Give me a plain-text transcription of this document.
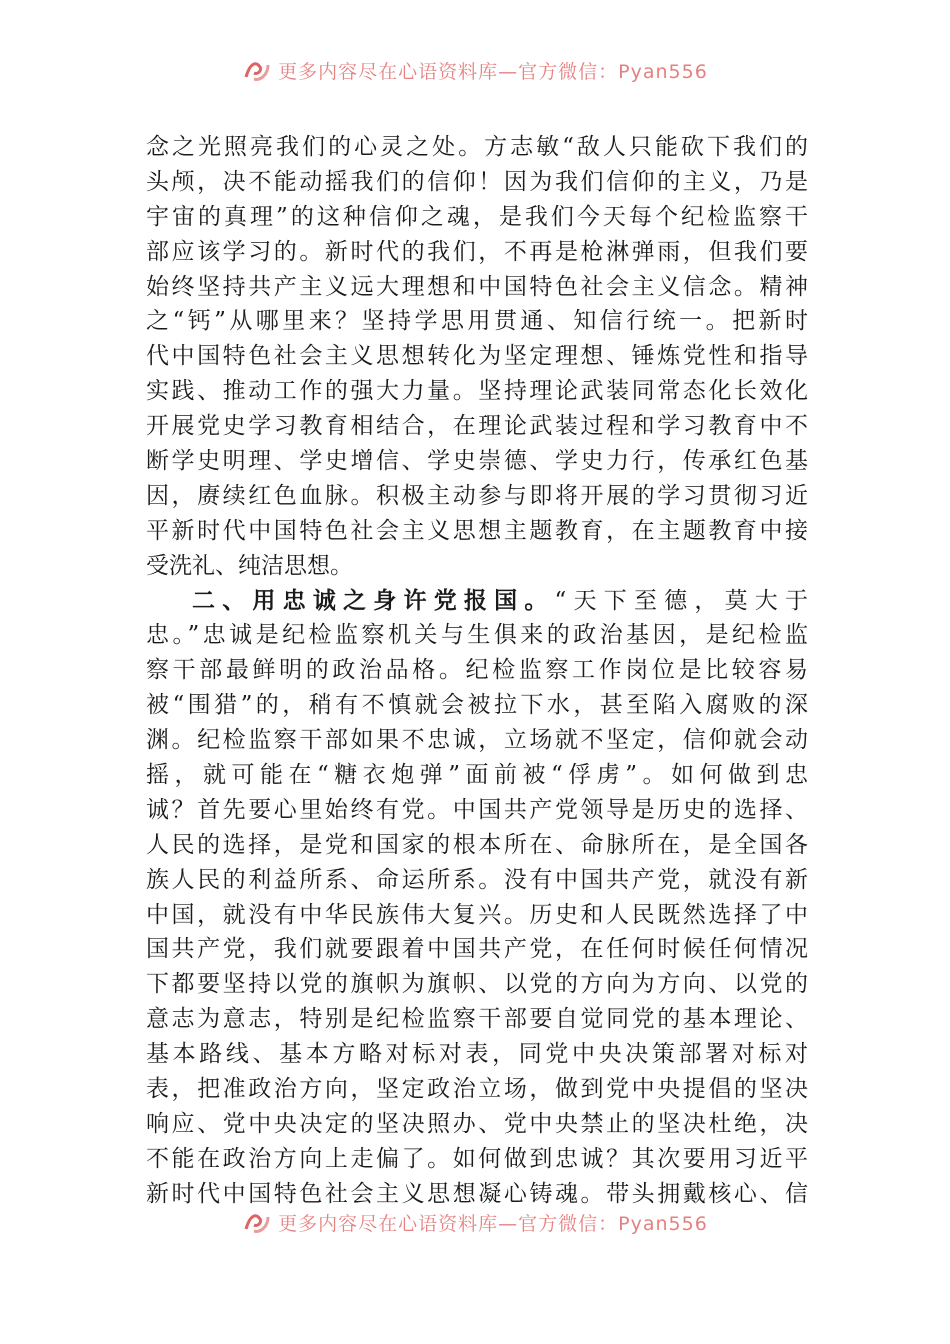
更多内容尽在心语资料库—官方微信：Pyan556
念之光照亮我们的心灵之处。方志敏“敌人只能砍下我们的
头颅，决不能动摇我们的信仰！因为我们信仰的主义，乃是
宇宙的真理”的这种信仰之魂，是我们今天每个纪检监察干
部应该学习的。新时代的我们，不再是枪淋弹雨，但我们要
始终坚持共产主义远大理想和中国特色社会主义信念。精神
之“钙”从哪里来？坚持学思用贯通、知信行统一。把新时
代中国特色社会主义思想转化为坚定理想、锤炼党性和指导
实践、推动工作的强大力量。坚持理论武装同常态化长效化
开展党史学习教育相结合，在理论武装过程和学习教育中不
断学史明理、学史增信、学史崇德、学史力行，传承红色基
因，赓续红色血脉。积极主动参与即将开展的学习贯彻习近
平新时代中国特色社会主义思想主题教育，在主题教育中接
受洗礼、纯洁思想。
二、用忠诚之身许党报国。“天下至德，莫大于
忠。”忠诚是纪检监察机关与生俱来的政治基因，是纪检监
察干部最鲜明的政治品格。纪检监察工作岗位是比较容易
被“围猎”的，稍有不慎就会被拉下水，甚至陷入腐败的深
渊。纪检监察干部如果不忠诚，立场就不坚定，信仰就会动
摇，就可能在“糖衣炮弹”面前被“俘虏”。如何做到忠
诚？首先要心里始终有党。中国共产党领导是历史的选择、
人民的选择，是党和国家的根本所在、命脉所在，是全国各
族人民的利益所系、命运所系。没有中国共产党，就没有新
中国，就没有中华民族伟大复兴。历史和人民既然选择了中
国共产党，我们就要跟着中国共产党，在任何时候任何情况
下都要坚持以党的旗帜为旗帜、以党的方向为方向、以党的
意志为意志，特别是纪检监察干部要自觉同党的基本理论、
基本路线、基本方略对标对表，同党中央决策部署对标对
表，把准政治方向，坚定政治立场，做到党中央提倡的坚决
响应、党中央决定的坚决照办、党中央禁止的坚决杜绝，决
不能在政治方向上走偏了。如何做到忠诚？其次要用习近平
新时代中国特色社会主义思想凝心铸魂。带头拥戴核心、信
更多内容尽在心语资料库—官方微信：Pyan556
